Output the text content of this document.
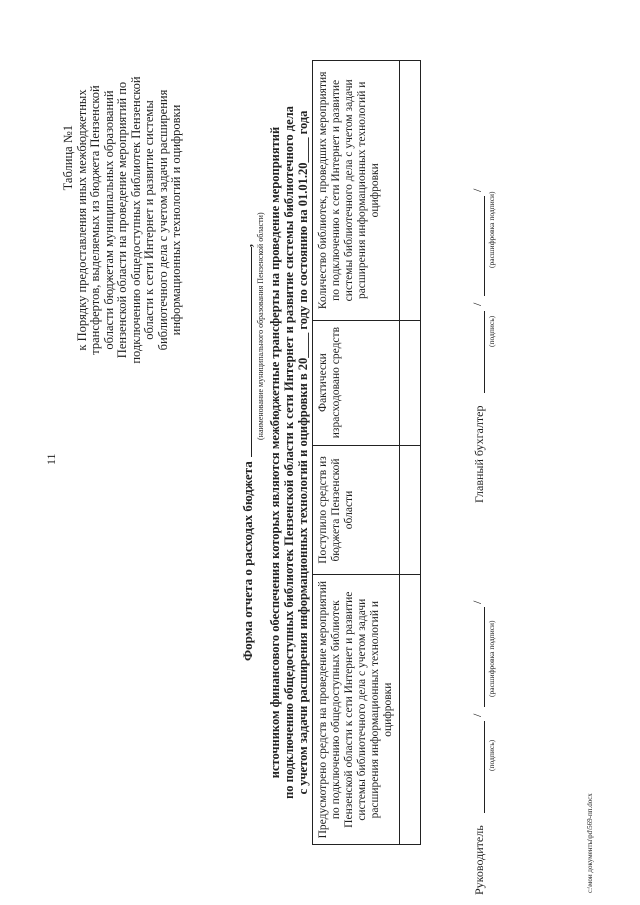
11
Таблица №1 к Порядку предоставления иных межбюджетных трансфертов, выделяемых из бюджета Пензенской области бюджетам муниципальных образований Пензенской области на проведение мероприятий по подключению общедоступных библиотек Пензенской области к сети Интернет и развитие системы библиотечного дела с учетом задачи расширения информационных технологий и оцифровки
Форма отчета о расходах бюджета, (наименование муниципального образования Пензенской области) источником финансового обеспечения которых являются межбюджетные трансферты на проведение мероприятий по подключению общедоступных библиотек Пензенской области к сети Интернет и развитие системы библиотечного дела с учетом задачи расширения информационных технологий и оцифровки в 20____ году по состоянию на 01.01.20____ года Предусмотрено средств на проведение мероприятий по подключению общедоступных библиотек Пензенской области к сети Интернет и развитие системы библиотечного дела с учетом задачи расширения информационных технологий и оцифровки	Поступило средств из бюджета Пензенской области	Фактически израсходовано средств	Количество библиотек, проведших мероприятия по подключению к сети Интернет и развитие системы библиотечного дела с учетом задачи расширения информационных технологий и оцифровки

Руководитель
/
/
(подпись)
(расшифровка подписи)
Главный бухгалтер
/
/
(подпись)
(расшифровка подписи)
c:\мои документы\pd\569-пп.docx
